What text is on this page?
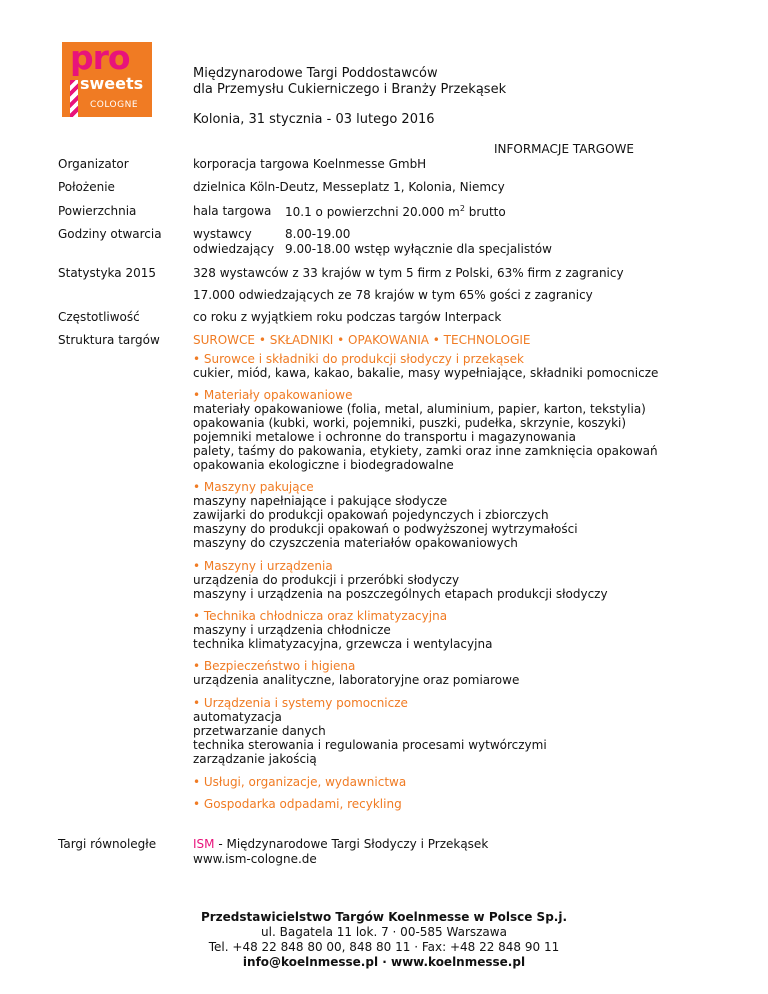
pro
sweets
COLOGNE
Międzynarodowe Targi Poddostawców
dla Przemysłu Cukierniczego i Branży Przekąsek
Kolonia, 31 stycznia - 03 lutego 2016
INFORMACJE TARGOWE
Organizator	korporacja targowa Koelnmesse GmbH
Położenie	dzielnica Köln-Deutz, Messeplatz 1, Kolonia, Niemcy
Powierzchnia	hala targowa 10.1 o powierzchni 20.000 $m^2$ brutto
Godziny otwarcia	wystawcy	8.00-19.00
odwiedzający 9.00-18.00 wstęp wyłącznie dla specjalistów
Statystyka 2015	328 wystawców z 33 krajów w tym 5 firm z Polski, 63% firm z zagranicy
17.000 odwiedzających ze 78 krajów w tym 65% gości z zagranicy
Częstotliwość	co roku z wyjątkiem roku podczas targów Interpack
Struktura targów	SUROWCE • SKŁADNIKI • OPAKOWANIA • TECHNOLOGIE
• Surowce i składniki do produkcji słodyczy i przekąsek
cukier, miód, kawa, kakao, bakalie, masy wypełniające, składniki pomocnicze
• Materiały opakowaniowe
materiały opakowaniowe (folia, metal, aluminium, papier, karton, tekstylia)
opakowania (kubki, worki, pojemniki, puszki, pudełka, skrzynie, koszyki)
pojemniki metalowe i ochronne do transportu i magazynowania
palety, taśmy do pakowania, etykiety, zamki oraz inne zamknięcia opakowań
opakowania ekologiczne i biodegradowalne
• Maszyny pakujące
maszyny napełniające i pakujące słodycze
zawijarki do produkcji opakowań pojedynczych i zbiorczych
maszyny do produkcji opakowań o podwyższonej wytrzymałości
maszyny do czyszczenia materiałów opakowaniowych
• Maszyny i urządzenia
urządzenia do produkcji i przeróbki słodyczy
maszyny i urządzenia na poszczególnych etapach produkcji słodyczy
• Technika chłodnicza oraz klimatyzacyjna
maszyny i urządzenia chłodnicze
technika klimatyzacyjna, grzewcza i wentylacyjna
• Bezpieczeństwo i higiena
urządzenia analityczne, laboratoryjne oraz pomiarowe
• Urządzenia i systemy pomocnicze
automatyzacja
przetwarzanie danych
technika sterowania i regulowania procesami wytwórczymi
zarządzanie jakością
• Usługi, organizacje, wydawnictwa
• Gospodarka odpadami, recykling
Targi równoległe	ISM - Międzynarodowe Targi Słodyczy i Przekąsek
www.ism-cologne.de
Przedstawicielstwo Targów Koelnmesse w Polsce Sp.j.
ul. Bagatela 11 lok. 7 · 00-585 Warszawa
Tel. +48 22 848 80 00, 848 80 11 · Fax: +48 22 848 90 11
info@koelnmesse.pl · www.koelnmesse.pl
